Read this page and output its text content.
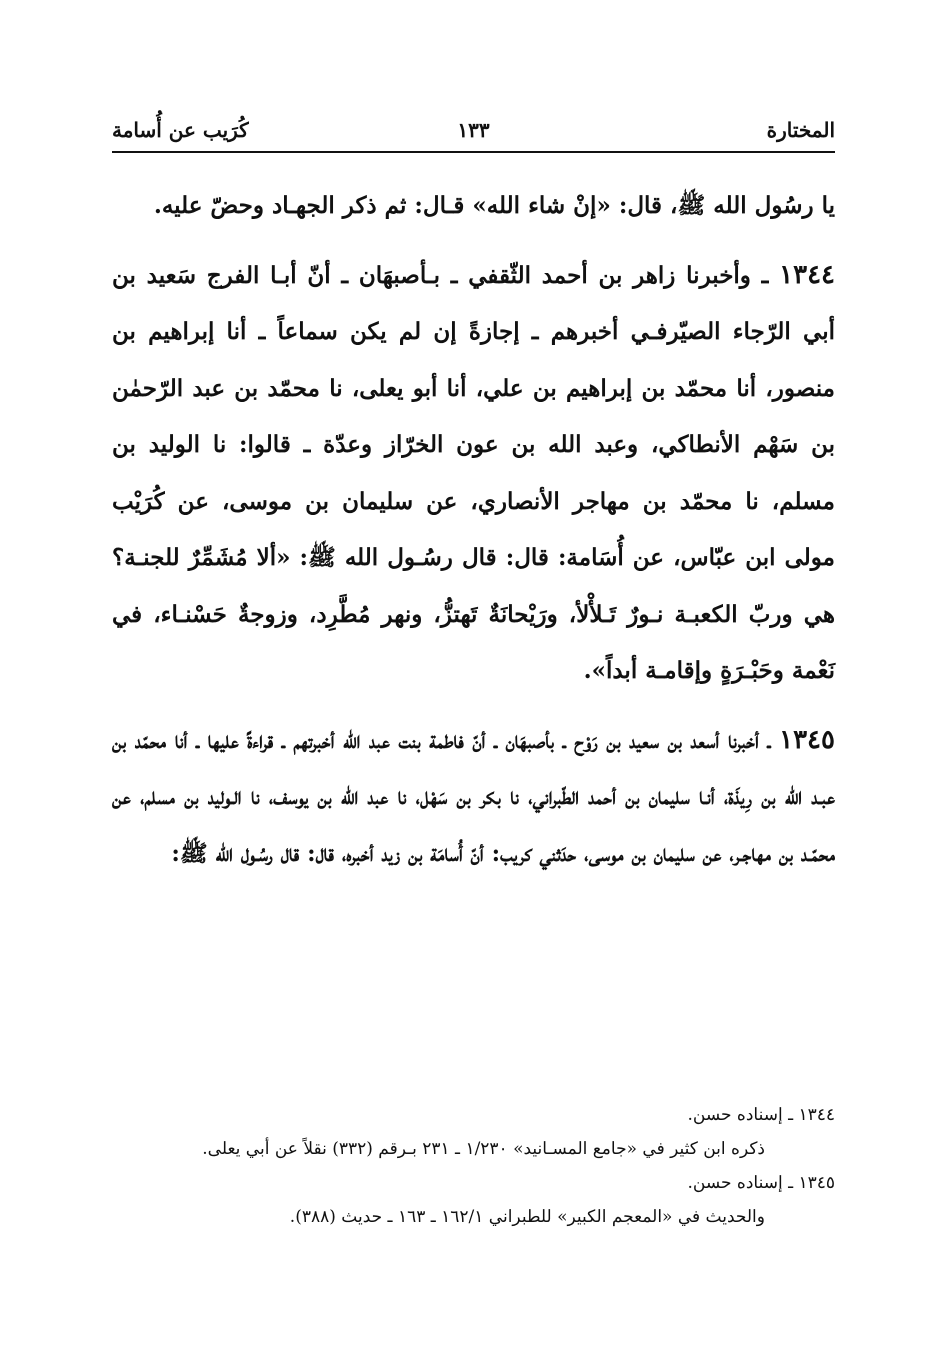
المختارة
١٣٣
كُرَيب عن أُسامة

يا رسُول الله ﷺ، قال: «إنْ شاء الله» قـال: ثم ذكر الجهـاد وحضّ عليه.

١٣٤٤ ـ وأخبرنا زاهر بن أحمد الثّقفي ـ بـأصبهَان ـ أنّ أبـا الفرج سَعيد بن أبي الرّجاء الصيّرفـي أخبرهم ـ إجازةً إن لم يكن سماعاً ـ أنا إبراهيم بن منصور، أنا محمّد بن إبراهيم بن علي، أنا أبو يعلى، نا محمّد بن عبد الرّحمٰن بن سَهْم الأنطاكي، وعبد الله بن عون الخرّاز وعدّة ـ قالوا: نا الوليد بن مسلم، نا محمّد بن مهاجر الأنصاري، عن سليمان بن موسى، عن كُرَيْب مولى ابن عبّاس، عن أُسَامة: قال: قال رسُـول الله ﷺ: «ألا مُشَمِّرٌ للجنـة؟ هي وربّ الكعبـة نـورٌ تَـلأْلأ، ورَيْحانَةٌ تَهتزُّ، ونهر مُطَّرِد، وزوجةٌ حَسْنـاء، في نَعْمة وحَبْـرَةٍ وإقامـة أبداً».

١٣٤٥ ـ أخبرنا أسعد بن سعيد بن رَوْح ـ بأصبهَان ـ أنّ فاطمة بنت عبد الله أخبرتهم ـ قراءةً عليها ـ أنا محمّد بن عبـد الله بن رِيذَة، أنـا سليمان بن أحمد الطّبراني، نا بكر بن سَهْل، نا عبد الله بن يوسف، نا الـوليد بن مسلم، عن محمّـد بن مهاجـر، عن سليمان بن موسى، حدَثني كريب: أنّ أُسامَة بن زيد أخبره، قال: قال رسُـول الله ﷺ:

١٣٤٤ ـ إسناده حسن.

ذكره ابن كثير في «جامع المسـانيد» ١/٢٣٠ ـ ٢٣١ بـرقم (٣٣٢) نقلاً عن أبي يعلى.

١٣٤٥ ـ إسناده حسن.

والحديث في «المعجم الكبير» للطبراني ١٦٢/١ ـ ١٦٣ ـ حديث (٣٨٨).
